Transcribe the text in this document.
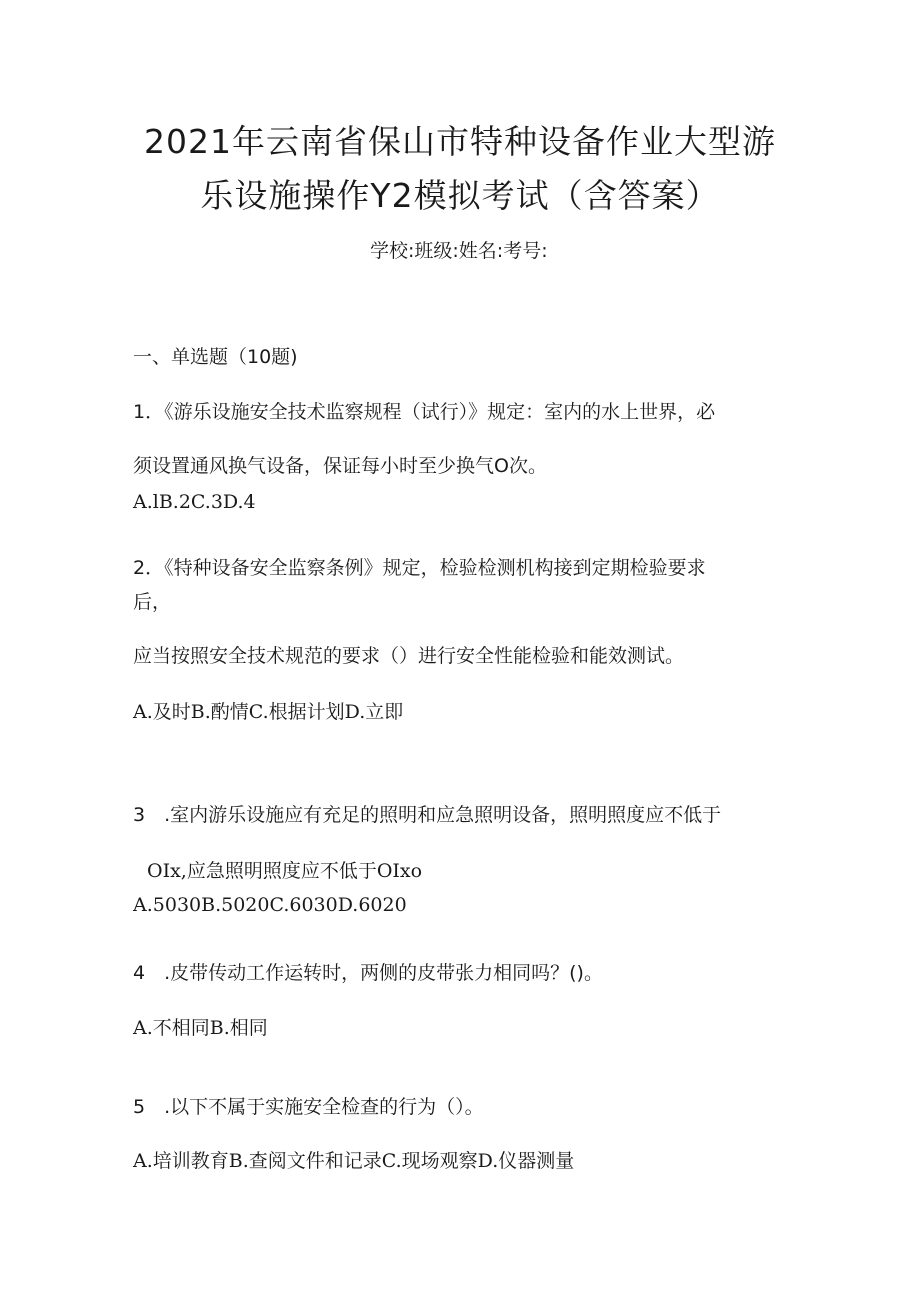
2021年云南省保山市特种设备作业大型游
乐设施操作Y2模拟考试（含答案）
学校:班级:姓名:考号:
一、单选题（10题)
1．《游乐设施安全技术监察规程（试行）》规定：室内的水上世界，必
须设置通风换气设备，保证每小时至少换气O次。
A.lB.2C.3D.4
2．《特种设备安全监察条例》规定，检验检测机构接到定期检验要求
后，
应当按照安全技术规范的要求（）进行安全性能检验和能效测试。
A.及时B.酌情C.根据计划D.立即
3　.室内游乐设施应有充足的照明和应急照明设备，照明照度应不低于
OIx,应急照明照度应不低于OIxo
A.5030B.5020C.6030D.6020
4　.皮带传动工作运转时，两侧的皮带张力相同吗？()。
A.不相同B.相同
5　.以下不属于实施安全检查的行为（）。
A.培训教育B.查阅文件和记录C.现场观察D.仪器测量
